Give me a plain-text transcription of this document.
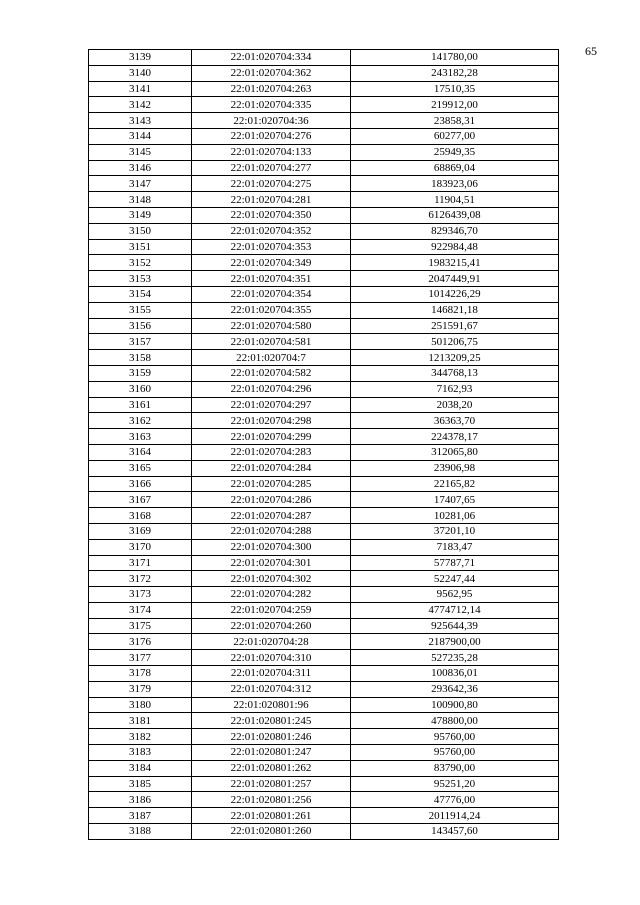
65
3139	22:01:020704:334	141780,00
3140	22:01:020704:362	243182,28
3141	22:01:020704:263	17510,35
3142	22:01:020704:335	219912,00
3143	22:01:020704:36	23858,31
3144	22:01:020704:276	60277,00
3145	22:01:020704:133	25949,35
3146	22:01:020704:277	68869,04
3147	22:01:020704:275	183923,06
3148	22:01:020704:281	11904,51
3149	22:01:020704:350	6126439,08
3150	22:01:020704:352	829346,70
3151	22:01:020704:353	922984,48
3152	22:01:020704:349	1983215,41
3153	22:01:020704:351	2047449,91
3154	22:01:020704:354	1014226,29
3155	22:01:020704:355	146821,18
3156	22:01:020704:580	251591,67
3157	22:01:020704:581	501206,75
3158	22:01:020704:7	1213209,25
3159	22:01:020704:582	344768,13
3160	22:01:020704:296	7162,93
3161	22:01:020704:297	2038,20
3162	22:01:020704:298	36363,70
3163	22:01:020704:299	224378,17
3164	22:01:020704:283	312065,80
3165	22:01:020704:284	23906,98
3166	22:01:020704:285	22165,82
3167	22:01:020704:286	17407,65
3168	22:01:020704:287	10281,06
3169	22:01:020704:288	37201,10
3170	22:01:020704:300	7183,47
3171	22:01:020704:301	57787,71
3172	22:01:020704:302	52247,44
3173	22:01:020704:282	9562,95
3174	22:01:020704:259	4774712,14
3175	22:01:020704:260	925644,39
3176	22:01:020704:28	2187900,00
3177	22:01:020704:310	527235,28
3178	22:01:020704:311	100836,01
3179	22:01:020704:312	293642,36
3180	22:01:020801:96	100900,80
3181	22:01:020801:245	478800,00
3182	22:01:020801:246	95760,00
3183	22:01:020801:247	95760,00
3184	22:01:020801:262	83790,00
3185	22:01:020801:257	95251,20
3186	22:01:020801:256	47776,00
3187	22:01:020801:261	2011914,24
3188	22:01:020801:260	143457,60
